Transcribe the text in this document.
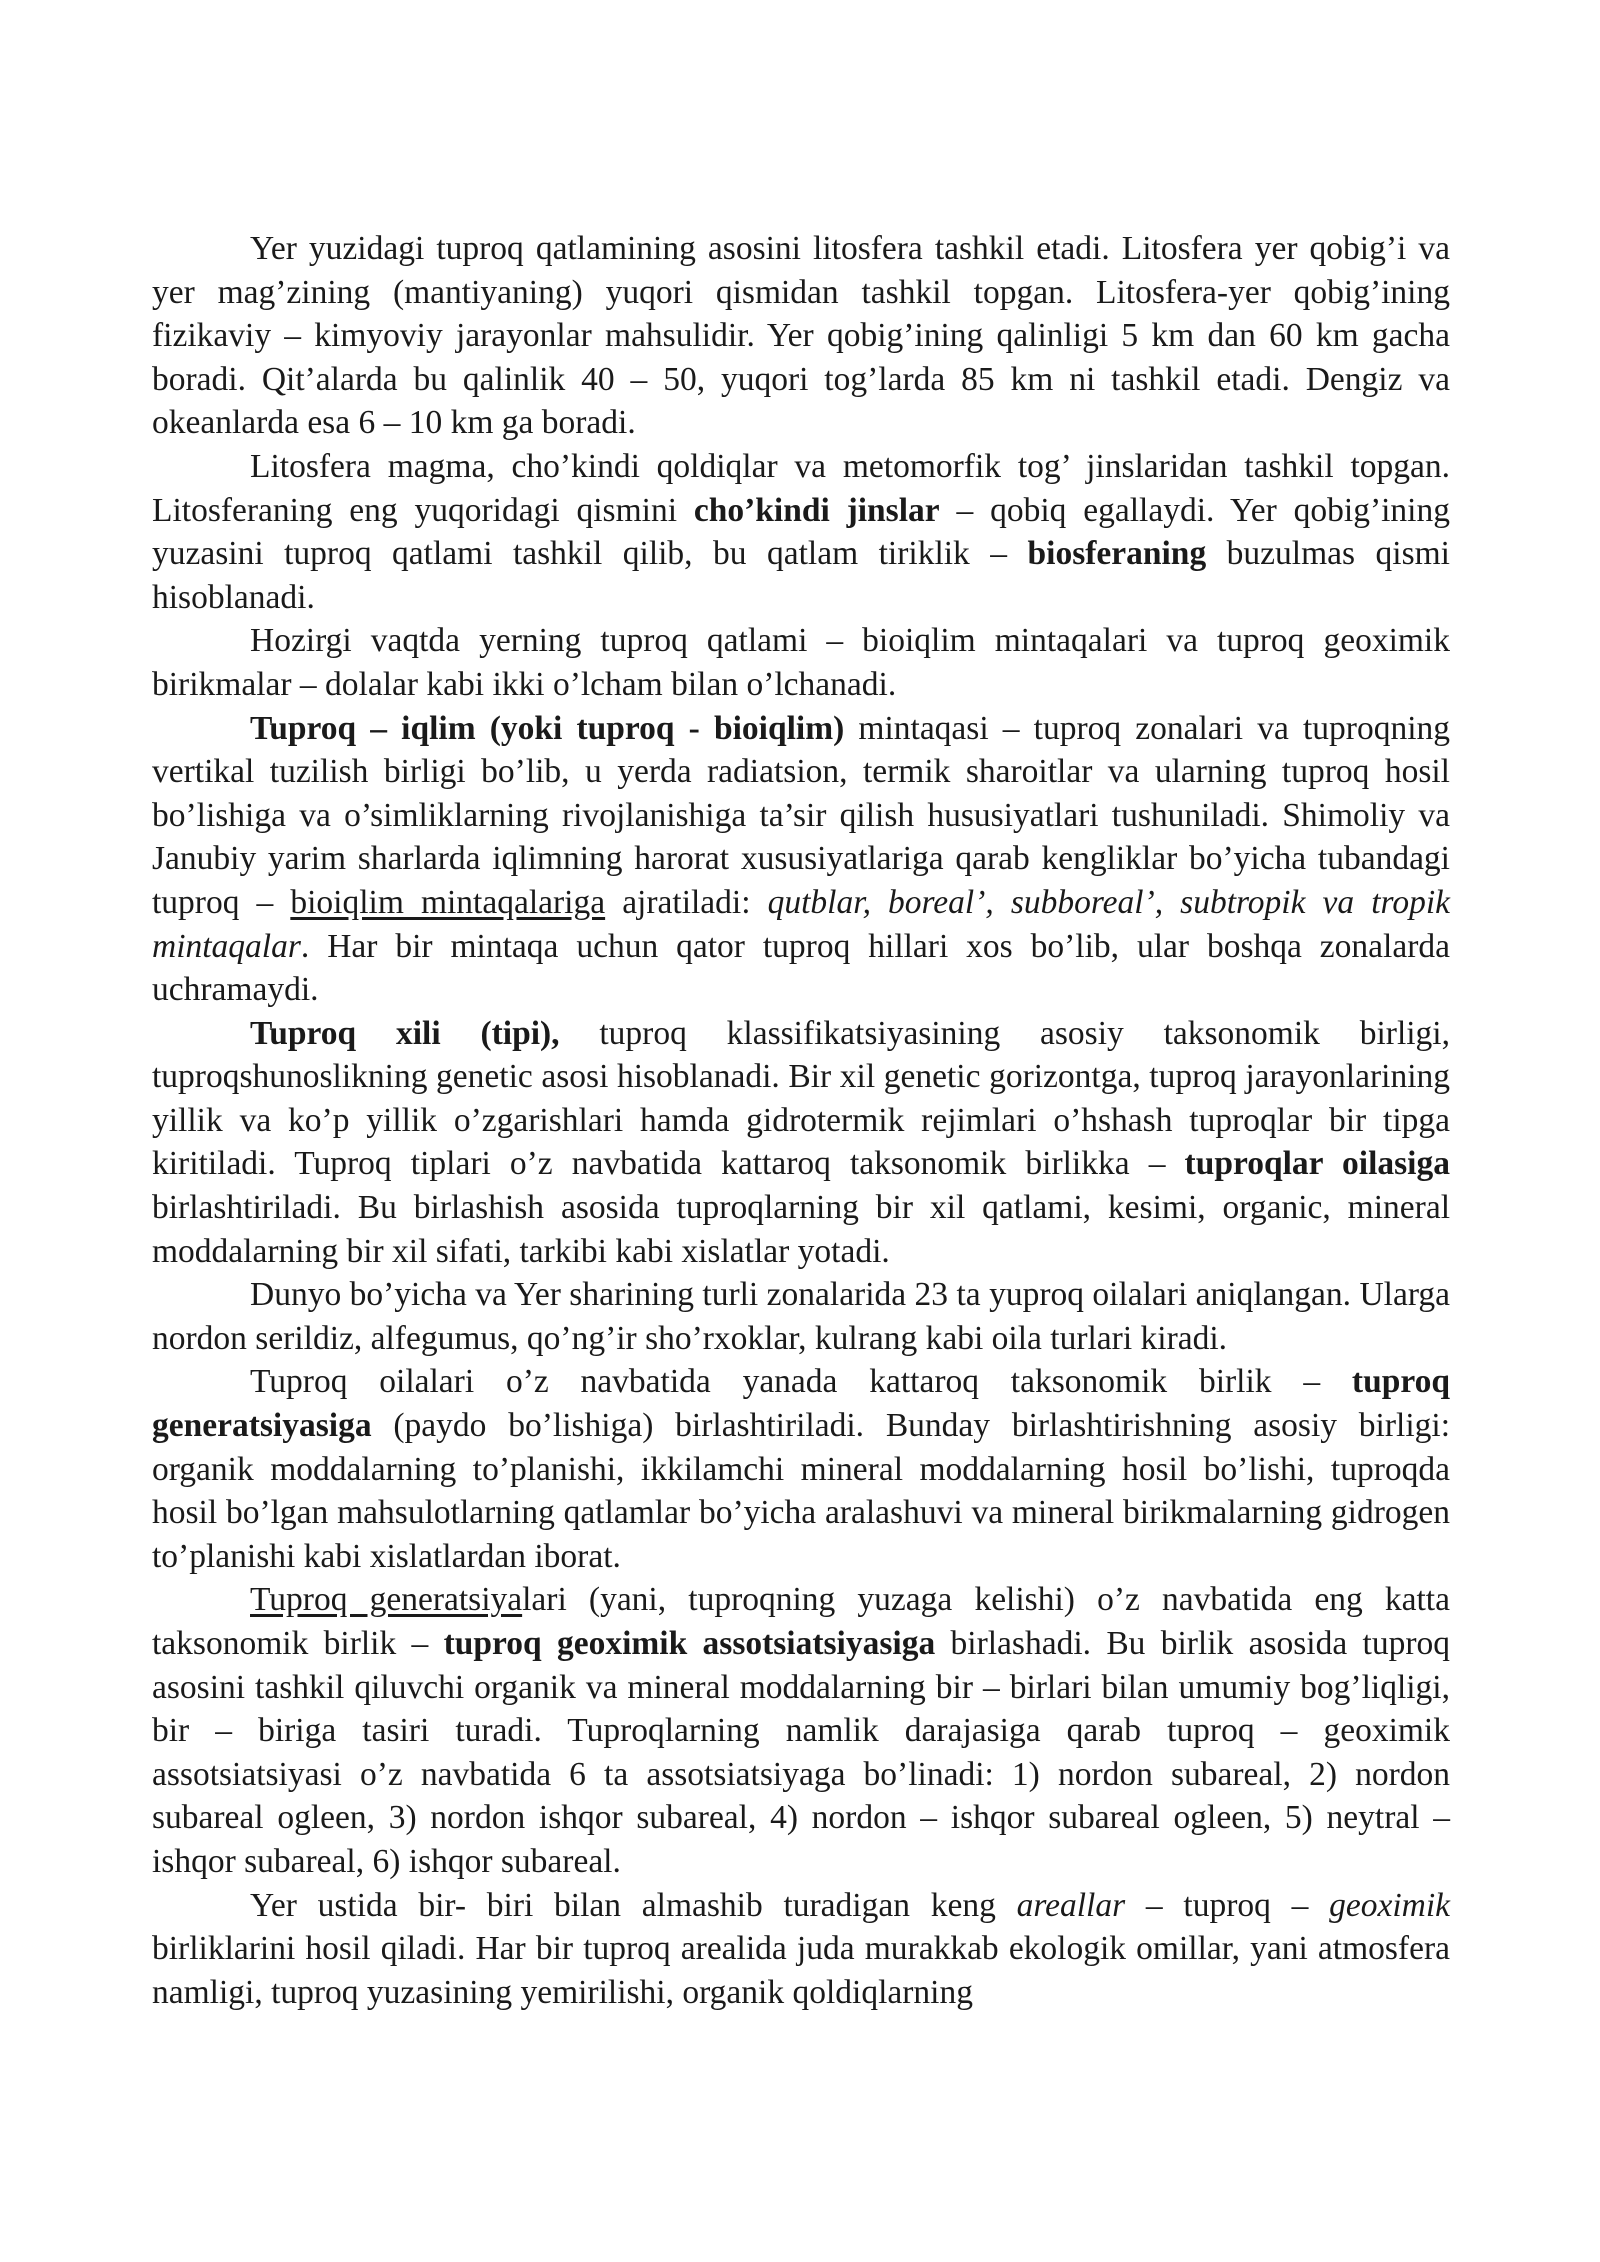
Yer yuzidagi tuproq qatlamining asosini litosfera tashkil etadi. Litosfera yer qobig’i va yer mag’zining (mantiyaning) yuqori qismidan tashkil topgan. Litosfera-yer qobig’ining fizikaviy – kimyoviy jarayonlar mahsulidir. Yer qobig’ining qalinligi 5 km dan 60 km gacha boradi. Qit’alarda bu qalinlik 40 – 50, yuqori tog’larda 85 km ni tashkil etadi. Dengiz va okeanlarda esa 6 – 10 km ga boradi.

Litosfera magma, cho’kindi qoldiqlar va metomorfik tog’ jinslaridan tashkil topgan. Litosferaning eng yuqoridagi qismini cho’kindi jinslar – qobiq egallaydi. Yer qobig’ining yuzasini tuproq qatlami tashkil qilib, bu qatlam tiriklik – biosferaning buzulmas qismi hisoblanadi.

Hozirgi vaqtda yerning tuproq qatlami – bioiqlim mintaqalari va tuproq geoximik birikmalar – dolalar kabi ikki o’lcham bilan o’lchanadi.

Tuproq – iqlim (yoki tuproq - bioiqlim) mintaqasi – tuproq zonalari va tuproqning vertikal tuzilish birligi bo’lib, u yerda radiatsion, termik sharoitlar va ularning tuproq hosil bo’lishiga va o’simliklarning rivojlanishiga ta’sir qilish hususiyatlari tushuniladi. Shimoliy va Janubiy yarim sharlarda iqlimning harorat xususiyatlariga qarab kengliklar bo’yicha tubandagi tuproq – bioiqlim mintaqalariga ajratiladi: qutblar, boreal’, subboreal’, subtropik va tropik mintaqalar. Har bir mintaqa uchun qator tuproq hillari xos bo’lib, ular boshqa zonalarda uchramaydi.

Tuproq xili (tipi), tuproq klassifikatsiyasining asosiy taksonomik birligi, tuproqshunoslikning genetic asosi hisoblanadi. Bir xil genetic gorizontga, tuproq jarayonlarining yillik va ko’p yillik o’zgarishlari hamda gidrotermik rejimlari o’hshash tuproqlar bir tipga kiritiladi. Tuproq tiplari o’z navbatida kattaroq taksonomik birlikka – tuproqlar oilasiga birlashtiriladi. Bu birlashish asosida tuproqlarning bir xil qatlami, kesimi, organic, mineral moddalarning bir xil sifati, tarkibi kabi xislatlar yotadi.

Dunyo bo’yicha va Yer sharining turli zonalarida 23 ta yuproq oilalari aniqlangan. Ularga nordon serildiz, alfegumus, qo’ng’ir sho’rxoklar, kulrang kabi oila turlari kiradi.

Tuproq oilalari o’z navbatida yanada kattaroq taksonomik birlik – tuproq generatsiyasiga (paydo bo’lishiga) birlashtiriladi. Bunday birlashtirishning asosiy birligi: organik moddalarning to’planishi, ikkilamchi mineral moddalarning hosil bo’lishi, tuproqda hosil bo’lgan mahsulotlarning qatlamlar bo’yicha aralashuvi va mineral birikmalarning gidrogen to’planishi kabi xislatlardan iborat.

Tuproq generatsiyalari (yani, tuproqning yuzaga kelishi) o’z navbatida eng katta taksonomik birlik – tuproq geoximik assotsiatsiyasiga birlashadi. Bu birlik asosida tuproq asosini tashkil qiluvchi organik va mineral moddalarning bir – birlari bilan umumiy bog’liqligi, bir – biriga tasiri turadi. Tuproqlarning namlik darajasiga qarab tuproq – geoximik assotsiatsiyasi o’z navbatida 6 ta assotsiatsiyaga bo’linadi: 1) nordon subareal, 2) nordon subareal ogleen, 3) nordon ishqor subareal, 4) nordon – ishqor subareal ogleen, 5) neytral –ishqor subareal, 6) ishqor subareal.

Yer ustida bir- biri bilan almashib turadigan keng areallar – tuproq – geoximik birliklarini hosil qiladi. Har bir tuproq arealida juda murakkab ekologik omillar, yani atmosfera namligi, tuproq yuzasining yemirilishi, organik qoldiqlarning
